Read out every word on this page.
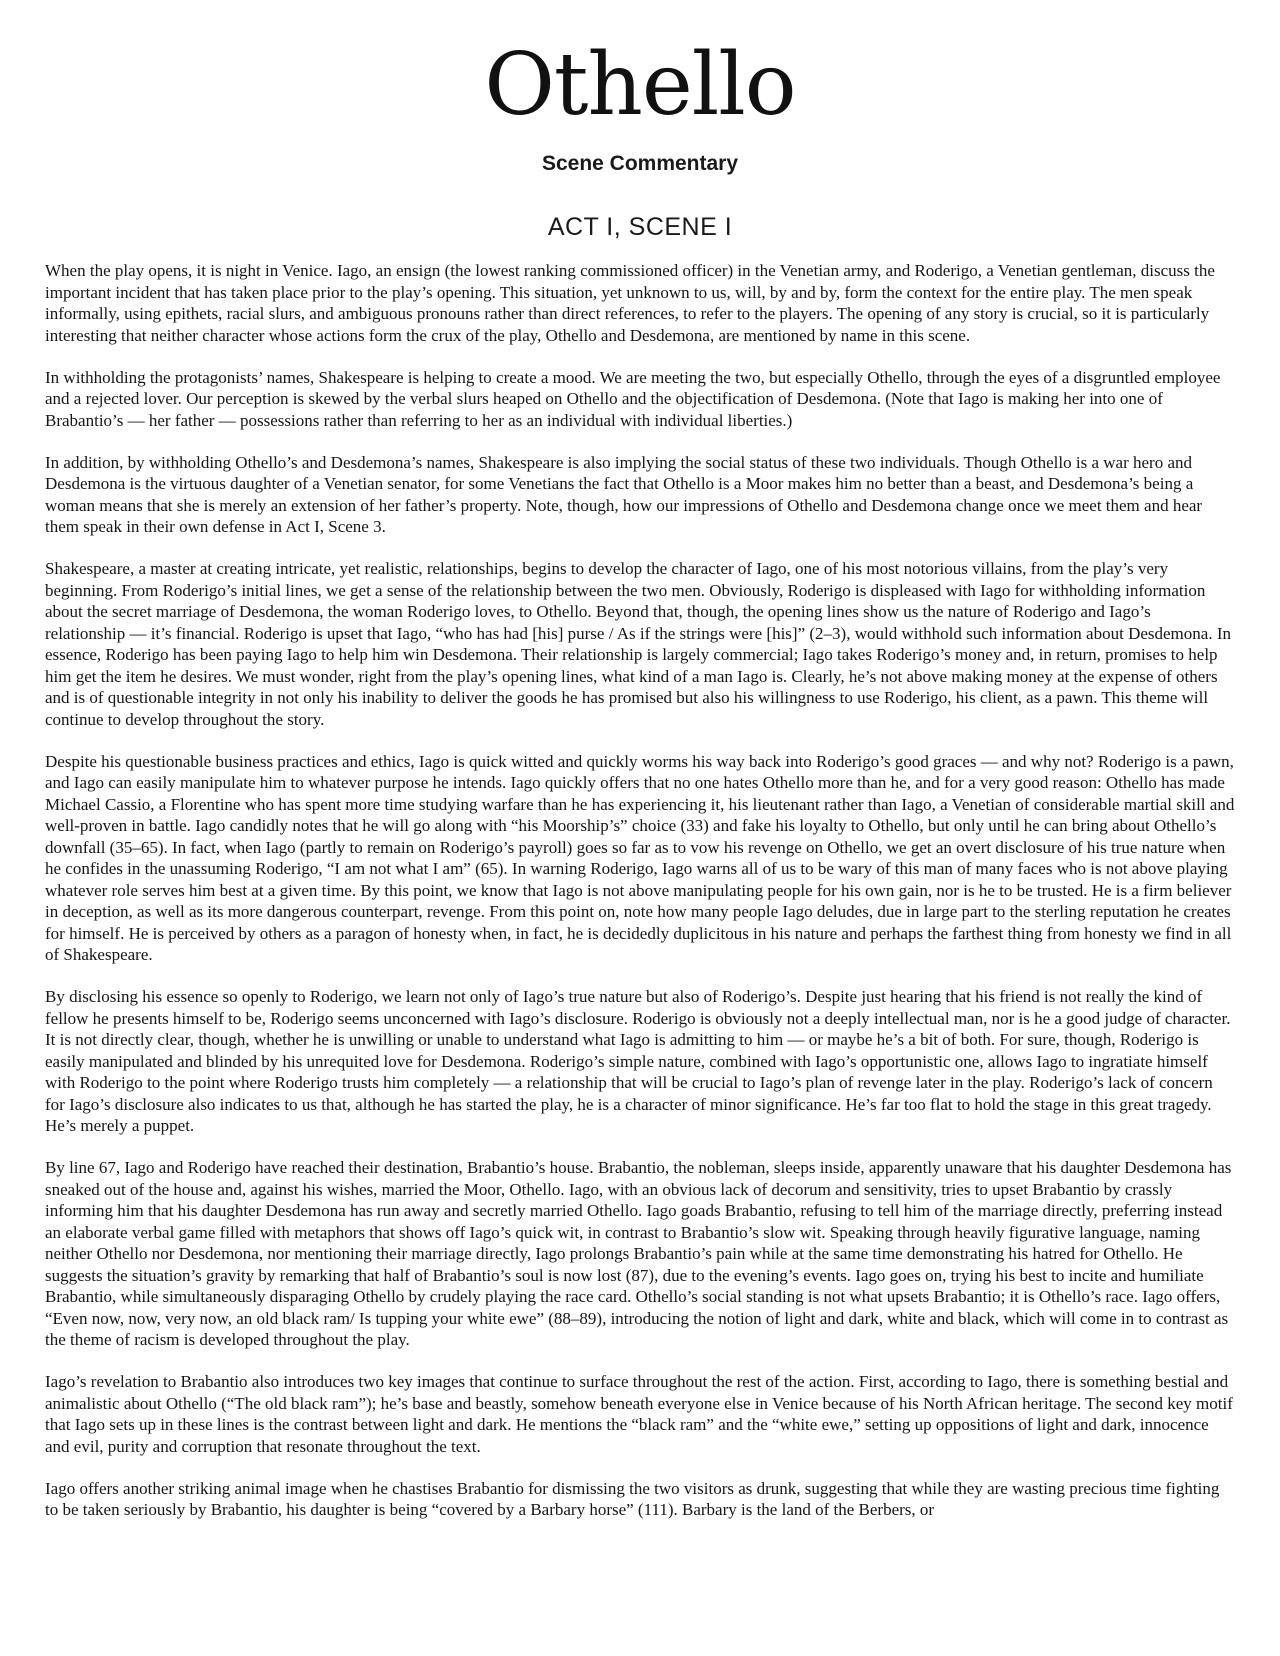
Othello
Scene Commentary
ACT I, SCENE I

When the play opens, it is night in Venice. Iago, an ensign (the lowest ranking commissioned officer) in the Venetian army, and Roderigo, a Venetian gentleman, discuss the important incident that has taken place prior to the play’s opening. This situation, yet unknown to us, will, by and by, form the context for the entire play. The men speak informally, using epithets, racial slurs, and ambiguous pronouns rather than direct references, to refer to the players. The opening of any story is crucial, so it is particularly interesting that neither character whose actions form the crux of the play, Othello and Desdemona, are mentioned by name in this scene.

In withholding the protagonists’ names, Shakespeare is helping to create a mood. We are meeting the two, but especially Othello, through the eyes of a disgruntled employee and a rejected lover. Our perception is skewed by the verbal slurs heaped on Othello and the objectification of Desdemona. (Note that Iago is making her into one of Brabantio’s — her father — possessions rather than referring to her as an individual with individual liberties.)

In addition, by withholding Othello’s and Desdemona’s names, Shakespeare is also implying the social status of these two individuals. Though Othello is a war hero and Desdemona is the virtuous daughter of a Venetian senator, for some Venetians the fact that Othello is a Moor makes him no better than a beast, and Desdemona’s being a woman means that she is merely an extension of her father’s property. Note, though, how our impressions of Othello and Desdemona change once we meet them and hear them speak in their own defense in Act I, Scene 3.

Shakespeare, a master at creating intricate, yet realistic, relationships, begins to develop the character of Iago, one of his most notorious villains, from the play’s very beginning. From Roderigo’s initial lines, we get a sense of the relationship between the two men. Obviously, Roderigo is displeased with Iago for withholding information about the secret marriage of Desdemona, the woman Roderigo loves, to Othello. Beyond that, though, the opening lines show us the nature of Roderigo and Iago’s relationship — it’s financial. Roderigo is upset that Iago, “who has had [his] purse / As if the strings were [his]” (2–3), would withhold such information about Desdemona. In essence, Roderigo has been paying Iago to help him win Desdemona. Their relationship is largely commercial; Iago takes Roderigo’s money and, in return, promises to help him get the item he desires. We must wonder, right from the play’s opening lines, what kind of a man Iago is. Clearly, he’s not above making money at the expense of others and is of questionable integrity in not only his inability to deliver the goods he has promised but also his willingness to use Roderigo, his client, as a pawn. This theme will continue to develop throughout the story.

Despite his questionable business practices and ethics, Iago is quick witted and quickly worms his way back into Roderigo’s good graces — and why not? Roderigo is a pawn, and Iago can easily manipulate him to whatever purpose he intends. Iago quickly offers that no one hates Othello more than he, and for a very good reason: Othello has made Michael Cassio, a Florentine who has spent more time studying warfare than he has experiencing it, his lieutenant rather than Iago, a Venetian of considerable martial skill and well-proven in battle. Iago candidly notes that he will go along with “his Moorship’s” choice (33) and fake his loyalty to Othello, but only until he can bring about Othello’s downfall (35–65). In fact, when Iago (partly to remain on Roderigo’s payroll) goes so far as to vow his revenge on Othello, we get an overt disclosure of his true nature when he confides in the unassuming Roderigo, “I am not what I am” (65). In warning Roderigo, Iago warns all of us to be wary of this man of many faces who is not above playing whatever role serves him best at a given time. By this point, we know that Iago is not above manipulating people for his own gain, nor is he to be trusted. He is a firm believer in deception, as well as its more dangerous counterpart, revenge. From this point on, note how many people Iago deludes, due in large part to the sterling reputation he creates for himself. He is perceived by others as a paragon of honesty when, in fact, he is decidedly duplicitous in his nature and perhaps the farthest thing from honesty we find in all of Shakespeare.

By disclosing his essence so openly to Roderigo, we learn not only of Iago’s true nature but also of Roderigo’s. Despite just hearing that his friend is not really the kind of fellow he presents himself to be, Roderigo seems unconcerned with Iago’s disclosure. Roderigo is obviously not a deeply intellectual man, nor is he a good judge of character. It is not directly clear, though, whether he is unwilling or unable to understand what Iago is admitting to him — or maybe he’s a bit of both. For sure, though, Roderigo is easily manipulated and blinded by his unrequited love for Desdemona. Roderigo’s simple nature, combined with Iago’s opportunistic one, allows Iago to ingratiate himself with Roderigo to the point where Roderigo trusts him completely — a relationship that will be crucial to Iago’s plan of revenge later in the play. Roderigo’s lack of concern for Iago’s disclosure also indicates to us that, although he has started the play, he is a character of minor significance. He’s far too flat to hold the stage in this great tragedy. He’s merely a puppet.

By line 67, Iago and Roderigo have reached their destination, Brabantio’s house. Brabantio, the nobleman, sleeps inside, apparently unaware that his daughter Desdemona has sneaked out of the house and, against his wishes, married the Moor, Othello. Iago, with an obvious lack of decorum and sensitivity, tries to upset Brabantio by crassly informing him that his daughter Desdemona has run away and secretly married Othello. Iago goads Brabantio, refusing to tell him of the marriage directly, preferring instead an elaborate verbal game filled with metaphors that shows off Iago’s quick wit, in contrast to Brabantio’s slow wit. Speaking through heavily figurative language, naming neither Othello nor Desdemona, nor mentioning their marriage directly, Iago prolongs Brabantio’s pain while at the same time demonstrating his hatred for Othello. He suggests the situation’s gravity by remarking that half of Brabantio’s soul is now lost (87), due to the evening’s events. Iago goes on, trying his best to incite and humiliate Brabantio, while simultaneously disparaging Othello by crudely playing the race card. Othello’s social standing is not what upsets Brabantio; it is Othello’s race. Iago offers, “Even now, now, very now, an old black ram/ Is tupping your white ewe” (88–89), introducing the notion of light and dark, white and black, which will come in to contrast as the theme of racism is developed throughout the play.

Iago’s revelation to Brabantio also introduces two key images that continue to surface throughout the rest of the action. First, according to Iago, there is something bestial and animalistic about Othello (“The old black ram”); he’s base and beastly, somehow beneath everyone else in Venice because of his North African heritage. The second key motif that Iago sets up in these lines is the contrast between light and dark. He mentions the “black ram” and the “white ewe,” setting up oppositions of light and dark, innocence and evil, purity and corruption that resonate throughout the text.

Iago offers another striking animal image when he chastises Brabantio for dismissing the two visitors as drunk, suggesting that while they are wasting precious time fighting to be taken seriously by Brabantio, his daughter is being “covered by a Barbary horse” (111). Barbary is the land of the Berbers, or
